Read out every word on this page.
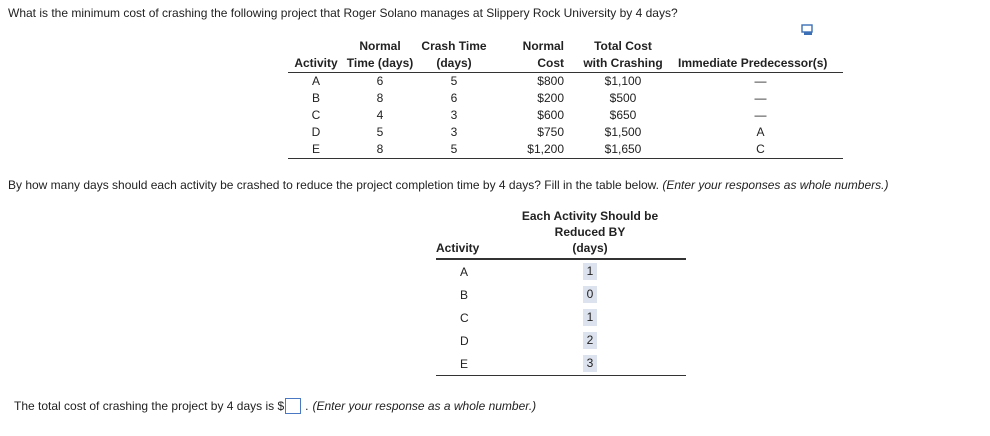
What is the minimum cost of crashing the following project that Roger Solano manages at Slippery Rock University by 4 days?
	Normal	Crash Time	Normal	Total Cost	
Activity	Time (days)	(days)	Cost	with Crashing	Immediate Predecessor(s)
A	6	5	$800	$1,100	—
B	8	6	$200	$500	—
C	4	3	$600	$650	—
D	5	3	$750	$1,500	A
E	8	5	$1,200	$1,650	C
By how many days should each activity be crashed to reduce the project completion time by 4 days? Fill in the table below. (Enter your responses as whole numbers.)
Activity	Each Activity Should be
Reduced BY
(days)

A	1
B	0
C	1
D	2
E	3
The total cost of crashing the project by 4 days is $ . (Enter your response as a whole number.)
